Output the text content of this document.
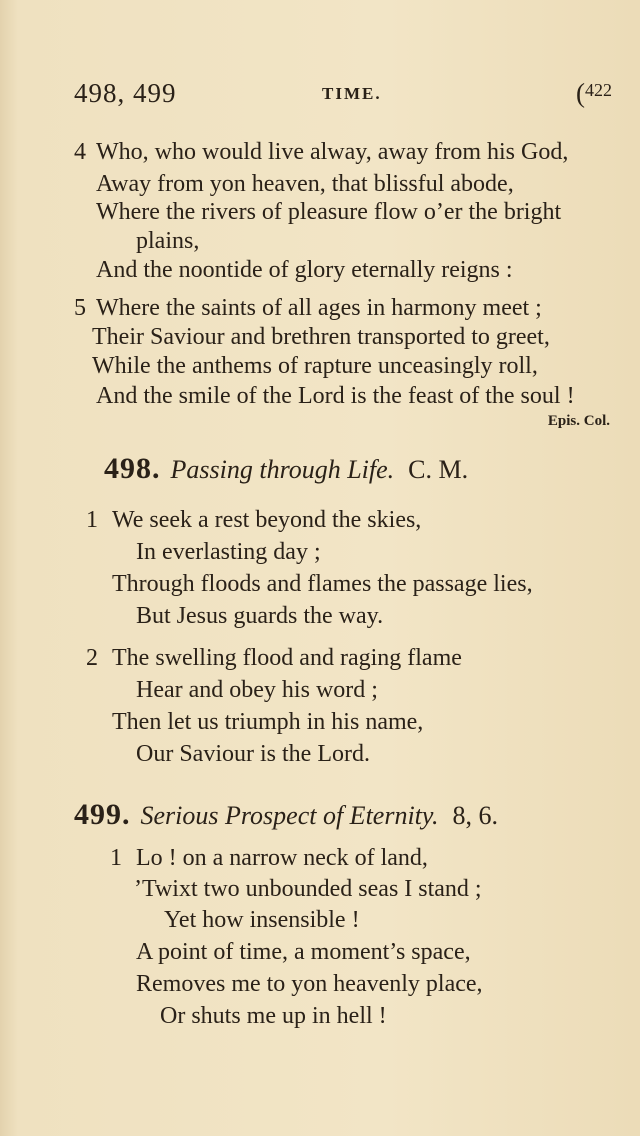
498, 499	TIME.	($^{422}$
4 Who, who would live alway, away from his God,
Away from yon heaven, that blissful abode,
Where the rivers of pleasure flow o’er the bright
plains,
And the noontide of glory eternally reigns :
5 Where the saints of all ages in harmony meet ;
Their Saviour and brethren transported to greet,
While the anthems of rapture unceasingly roll,
And the smile of the Lord is the feast of the soul !
Epis. Col.
498. Passing through Life. C. M.
1 We seek a rest beyond the skies,
In everlasting day ;
Through floods and flames the passage lies,
But Jesus guards the way.
2 The swelling flood and raging flame
Hear and obey his word ;
Then let us triumph in his name,
Our Saviour is the Lord.
499. Serious Prospect of Eternity. 8, 6.
1 Lo ! on a narrow neck of land,
’Twixt two unbounded seas I stand ;
Yet how insensible !
A point of time, a moment’s space,
Removes me to yon heavenly place,
Or shuts me up in hell !
